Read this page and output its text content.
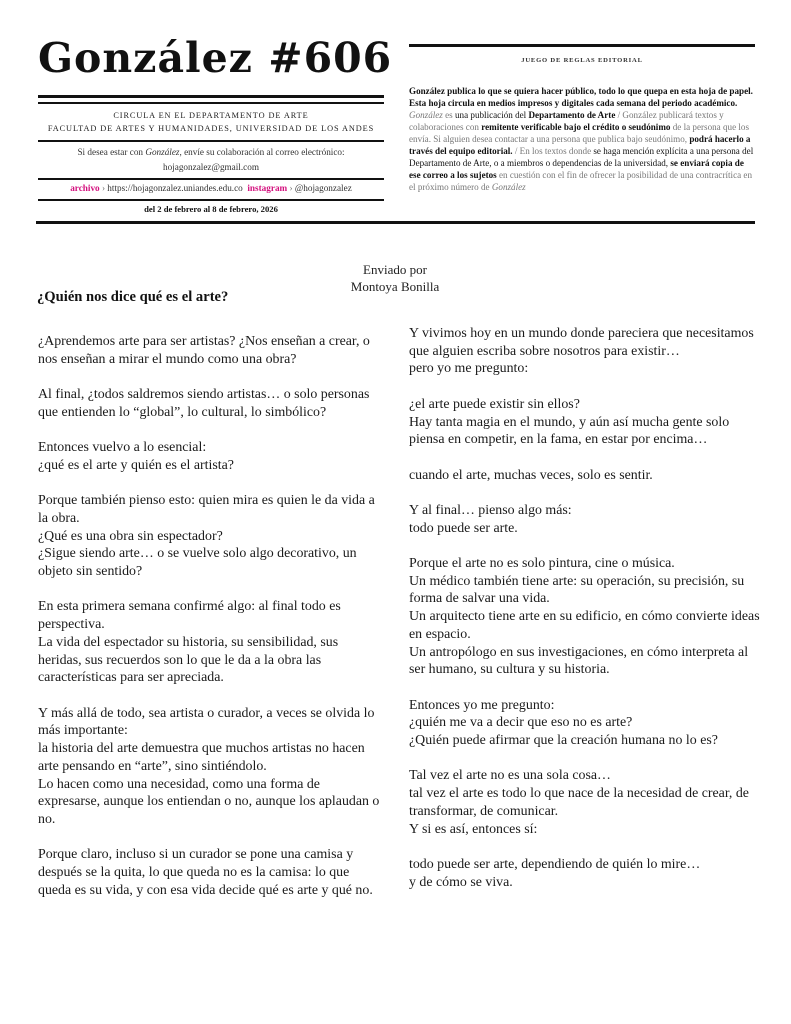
González #606
CIRCULA EN EL DEPARTAMENTO DE ARTE
FACULTAD DE ARTES Y HUMANIDADES, UNIVERSIDAD DE LOS ANDES
Si desea estar con González, envíe su colaboración al correo electrónico:
hojagonzalez@gmail.com
archivo › https://hojagonzalez.uniandes.edu.co instagram › @hojagonzalez
del 2 de febrero al 8 de febrero, 2026
JUEGO DE REGLAS EDITORIAL
González publica lo que se quiera hacer público, todo lo que quepa en esta hoja de papel. Esta hoja circula en medios impresos y digitales cada semana del periodo académico. González es una publicación del Departamento de Arte / González publicará textos y colaboraciones con remitente verificable bajo el crédito o seudónimo de la persona que los envía. Si alguien desea contactar a una persona que publica bajo seudónimo, podrá hacerlo a través del equipo editorial. / En los textos donde se haga mención explícita a una persona del Departamento de Arte, o a miembros o dependencias de la universidad, se enviará copia de ese correo a los sujetos en cuestión con el fin de ofrecer la posibilidad de una contracrítica en el próximo número de González
Enviado por
Montoya Bonilla
¿Quién nos dice qué es el arte?

¿Aprendemos arte para ser artistas? ¿Nos enseñan a crear, o nos enseñan a mirar el mundo como una obra?

Al final, ¿todos saldremos siendo artistas… o solo personas que entienden lo “global”, lo cultural, lo simbólico?

Entonces vuelvo a lo esencial:
¿qué es el arte y quién es el artista?

Porque también pienso esto: quien mira es quien le da vida a la obra.
¿Qué es una obra sin espectador?
¿Sigue siendo arte… o se vuelve solo algo decorativo, un objeto sin sentido?

En esta primera semana confirmé algo: al final todo es perspectiva.
La vida del espectador su historia, su sensibilidad, sus heridas, sus recuerdos son lo que le da a la obra las características para ser apreciada.

Y más allá de todo, sea artista o curador, a veces se olvida lo más importante:
la historia del arte demuestra que muchos artistas no hacen arte pensando en “arte”, sino sintiéndolo.
Lo hacen como una necesidad, como una forma de expresarse, aunque los entiendan o no, aunque los aplaudan o no.

Porque claro, incluso si un curador se pone una camisa y después se la quita, lo que queda no es la camisa: lo que queda es su vida, y con esa vida decide qué es arte y qué no.

Y vivimos hoy en un mundo donde pareciera que necesitamos que alguien escriba sobre nosotros para existir…
pero yo me pregunto:

¿el arte puede existir sin ellos?
Hay tanta magia en el mundo, y aún así mucha gente solo piensa en competir, en la fama, en estar por encima…

cuando el arte, muchas veces, solo es sentir.

Y al final… pienso algo más:
todo puede ser arte.

Porque el arte no es solo pintura, cine o música.
Un médico también tiene arte: su operación, su precisión, su forma de salvar una vida.
Un arquitecto tiene arte en su edificio, en cómo convierte ideas en espacio.
Un antropólogo en sus investigaciones, en cómo interpreta al ser humano, su cultura y su historia.

Entonces yo me pregunto:
¿quién me va a decir que eso no es arte?
¿Quién puede afirmar que la creación humana no lo es?

Tal vez el arte no es una sola cosa…
tal vez el arte es todo lo que nace de la necesidad de crear, de transformar, de comunicar.
Y si es así, entonces sí:

todo puede ser arte, dependiendo de quién lo mire…
y de cómo se viva.
